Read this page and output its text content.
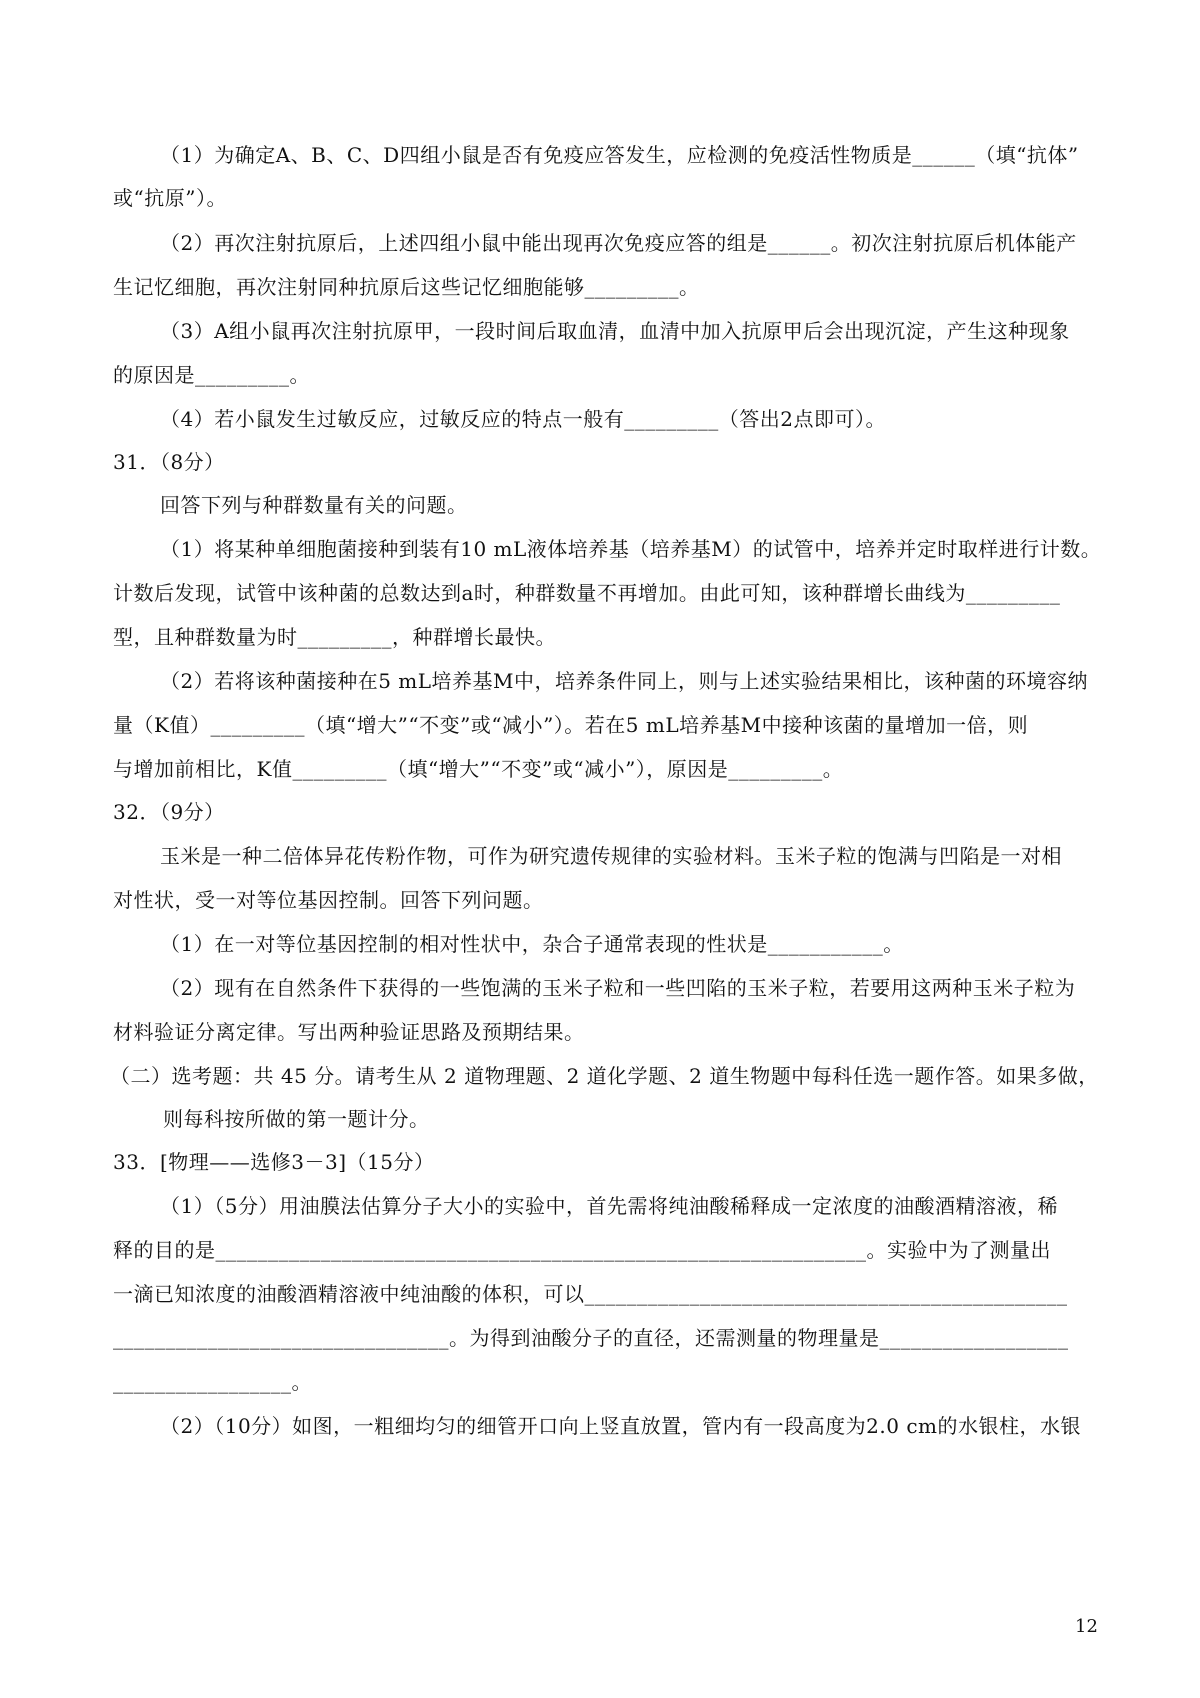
（1）为确定A、B、C、D四组小鼠是否有免疫应答发生，应检测的免疫活性物质是______（填“抗体”
或“抗原”）。
（2）再次注射抗原后，上述四组小鼠中能出现再次免疫应答的组是______。初次注射抗原后机体能产
生记忆细胞，再次注射同种抗原后这些记忆细胞能够_________。
（3）A组小鼠再次注射抗原甲，一段时间后取血清，血清中加入抗原甲后会出现沉淀，产生这种现象
的原因是_________。
（4）若小鼠发生过敏反应，过敏反应的特点一般有_________（答出2点即可）。
31．（8分）
回答下列与种群数量有关的问题。
（1）将某种单细胞菌接种到装有10 mL液体培养基（培养基M）的试管中，培养并定时取样进行计数。
计数后发现，试管中该种菌的总数达到a时，种群数量不再增加。由此可知，该种群增长曲线为_________
型，且种群数量为时_________，种群增长最快。
（2）若将该种菌接种在5 mL培养基M中，培养条件同上，则与上述实验结果相比，该种菌的环境容纳
量（K值）_________（填“增大”“不变”或“减小”）。若在5 mL培养基M中接种该菌的量增加一倍，则
与增加前相比，K值_________（填“增大”“不变”或“减小”），原因是_________。
32．（9分）
玉米是一种二倍体异花传粉作物，可作为研究遗传规律的实验材料。玉米子粒的饱满与凹陷是一对相
对性状，受一对等位基因控制。回答下列问题。
（1）在一对等位基因控制的相对性状中，杂合子通常表现的性状是___________。
（2）现有在自然条件下获得的一些饱满的玉米子粒和一些凹陷的玉米子粒，若要用这两种玉米子粒为
材料验证分离定律。写出两种验证思路及预期结果。
（二）选考题：共 45 分。请考生从 2 道物理题、2 道化学题、2 道生物题中每科任选一题作答。如果多做，
则每科按所做的第一题计分。
33．[物理——选修3－3]（15分）
（1）（5分）用油膜法估算分子大小的实验中，首先需将纯油酸稀释成一定浓度的油酸酒精溶液，稀
释的目的是______________________________________________________________。实验中为了测量出
一滴已知浓度的油酸酒精溶液中纯油酸的体积，可以______________________________________________
________________________________。为得到油酸分子的直径，还需测量的物理量是__________________
_________________。
（2）（10分）如图，一粗细均匀的细管开口向上竖直放置，管内有一段高度为2.0 cm的水银柱，水银
12
